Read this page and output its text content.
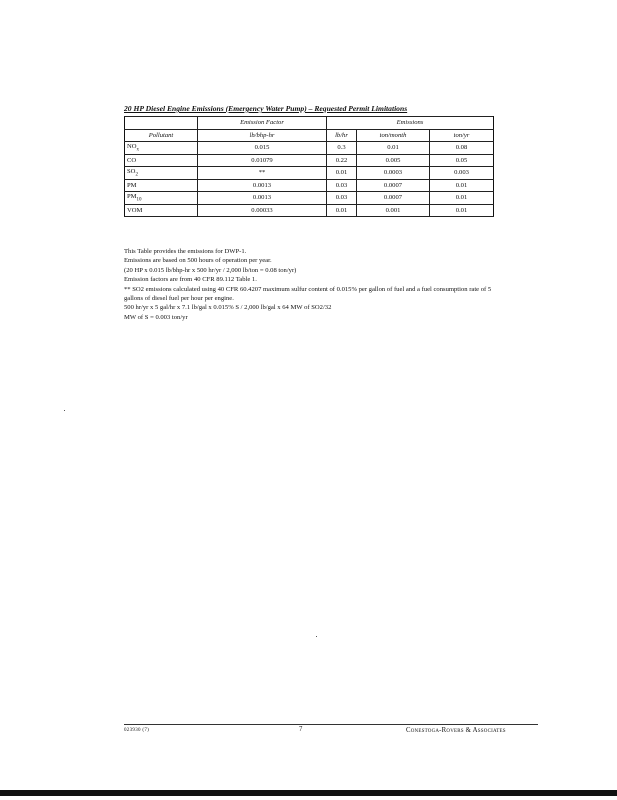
20 HP Diesel Engine Emissions (Emergency Water Pump) – Requested Permit Limitations
	Emission Factor	Emissions		
Pollutant	lb/bhp-hr	lb/hr	ton/month	ton/yr
$NO_x$	0.015	0.3	0.01	0.08
CO	0.01079	0.22	0.005	0.05
$SO_2$	**	0.01	0.0003	0.003
PM	0.0013	0.03	0.0007	0.01
$PM_{10}$	0.0013	0.03	0.0007	0.01
VOM	0.00033	0.01	0.001	0.01
This Table provides the emissions for DWP-1.
Emissions are based on 500 hours of operation per year.
(20 HP x 0.015 lb/bhp-hr x 500 hr/yr / 2,000 lb/ton = 0.08 ton/yr)
Emission factors are from 40 CFR 89.112 Table 1.
** SO2 emissions calculated using 40 CFR 60.4207 maximum sulfur content of 0.015% per gallon of fuel and a fuel consumption rate of 5 gallons of diesel fuel per hour per engine.
500 hr/yr x 5 gal/hr x 7.1 lb/gal x 0.015% S / 2,000 lb/gal x 64 MW of SO2/32
MW of S = 0.003 ton/yr
023930 (7)	7	Conestoga-Rovers & Associates
